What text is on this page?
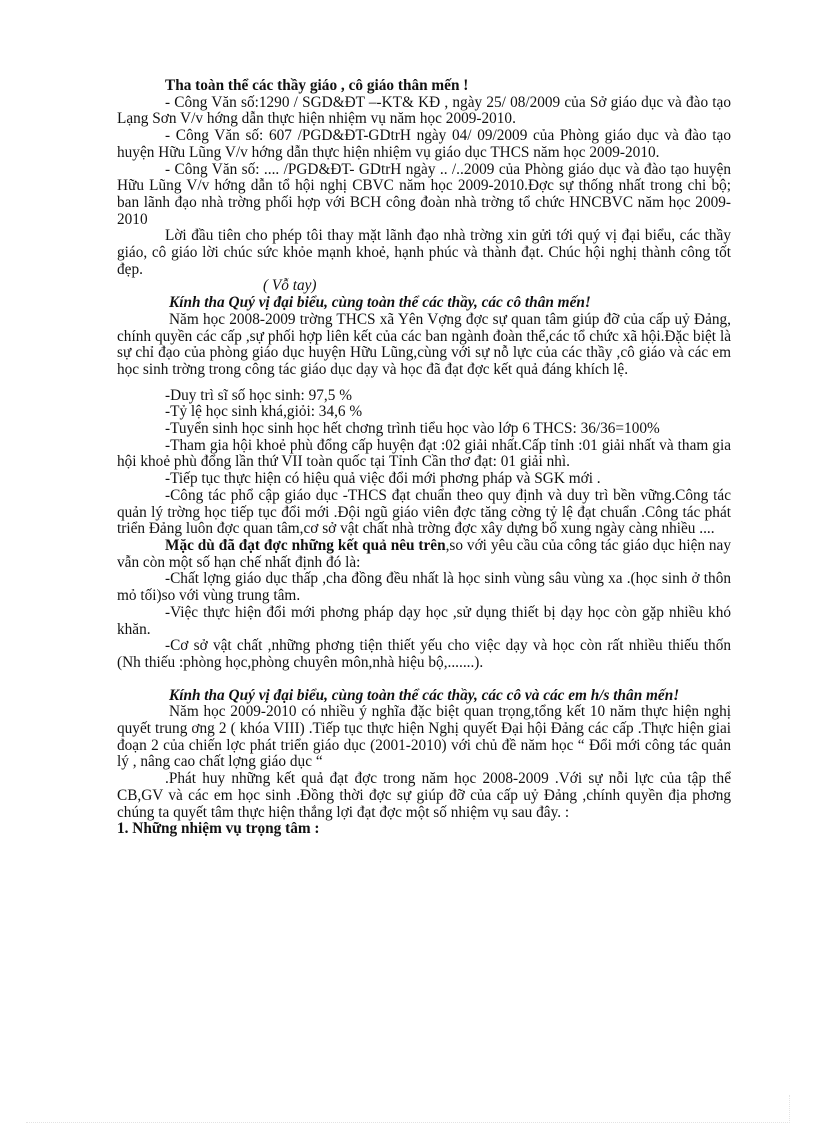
Tha toàn thể các thầy giáo , cô giáo thân mến !

- Công Văn số:1290 / SGD&ĐT –-KT& KĐ , ngày 25/ 08/2009 của Sở giáo dục và đào tạo Lạng Sơn V/v hớng dẫn thực hiện nhiệm vụ năm học 2009-2010.

- Công Văn số: 607 /PGD&ĐT-GDtrH ngày 04/ 09/2009 của Phòng giáo dục và đào tạo huyện Hữu Lũng V/v hớng dẫn thực hiện nhiệm vụ giáo dục THCS năm học 2009-2010.

- Công Văn số: .... /PGD&ĐT- GDtrH ngày .. /..2009 của Phòng giáo dục và đào tạo huyện Hữu Lũng V/v hớng dẫn tổ hội nghị CBVC năm học 2009-2010.Đợc sự thống nhất trong chi bộ; ban lãnh đạo nhà trờng phối hợp với BCH công đoàn nhà trờng tổ chức HNCBVC năm học 2009-2010

Lời đầu tiên cho phép tôi thay mặt lãnh đạo nhà trờng xin gửi tới quý vị đại biểu, các thầy giáo, cô giáo lời chúc sức khỏe mạnh khoẻ, hạnh phúc và thành đạt. Chúc hội nghị thành công tốt đẹp.

( Vỗ tay)

Kính tha Quý vị đại biểu, cùng toàn thể các thầy, các cô thân mến!

Năm học 2008-2009 trờng THCS xã Yên Vợng đợc sự quan tâm giúp đỡ của cấp uỷ Đảng, chính quyền các cấp ,sự phối hợp liên kết của các ban ngành đoàn thể,các tổ chức xã hội.Đặc biệt là sự chỉ đạo của phòng giáo dục huyện Hữu Lũng,cùng với sự nỗ lực của các thầy ,cô giáo và các em học sinh trờng trong công tác giáo dục dạy và học đã đạt đợc kết quả đáng khích lệ.

-Duy trì sĩ số học sinh: 97,5 %

-Tỷ lệ học sinh khá,giỏi: 34,6 %

-Tuyển sinh học sinh học hết chơng trình tiểu học vào lớp 6 THCS: 36/36=100%

-Tham gia hội khoẻ phù đổng cấp huyện đạt :02 giải nhất.Cấp tỉnh :01 giải nhất và tham gia hội khoẻ phù đổng lần thứ VII toàn quốc tại Tỉnh Cần thơ đạt: 01 giải nhì.

-Tiếp tục thực hiện có hiệu quả việc đổi mới phơng pháp và SGK mới .

-Công tác phổ cập giáo dục -THCS đạt chuẩn theo quy định và duy trì bền vững.Công tác quản lý trờng học tiếp tục đổi mới .Đội ngũ giáo viên đợc tăng cờng tỷ lệ đạt chuẩn .Công tác phát triển Đảng luôn đợc quan tâm,cơ sở vật chất nhà trờng đợc xây dựng bổ xung ngày càng nhiều ....

Mặc dù đã đạt đợc những kết quả nêu trên,so với yêu cầu của công tác giáo dục hiện nay vẫn còn một số hạn chế nhất định đó là:

-Chất lợng giáo dục thấp ,cha đồng đều nhất là học sinh vùng sâu vùng xa .(học sinh ở thôn mỏ tối)so với vùng trung tâm.

-Việc thực hiện đổi mới phơng pháp dạy học ,sử dụng thiết bị dạy học còn gặp nhiều khó khăn.

-Cơ sở vật chất ,những phơng tiện thiết yếu cho việc dạy và học còn rất nhiều thiếu thốn (Nh thiếu :phòng học,phòng chuyên môn,nhà hiệu bộ,.......).

Kính tha Quý vị đại biểu, cùng toàn thể các thầy, các cô và các em h/s thân mến!

Năm học 2009-2010 có nhiều ý nghĩa đặc biệt quan trọng,tổng kết 10 năm thực hiện nghị quyết trung ơng 2 ( khóa VIII) .Tiếp tục thực hiện Nghị quyết Đại hội Đảng các cấp .Thực hiện giai đoạn 2 của chiến lợc phát triển giáo dục (2001-2010) với chủ đề năm học “ Đổi mới công tác quản lý , nâng cao chất lợng giáo dục “

.Phát huy những kết quả đạt đợc trong năm học 2008-2009 .Với sự nỗi lực của tập thể CB,GV và các em học sinh .Đồng thời đợc sự giúp đỡ của cấp uỷ Đảng ,chính quyền địa phơng chúng ta quyết tâm thực hiện thắng lợi đạt đợc một số nhiệm vụ sau đây. :

1. Những nhiệm vụ trọng tâm :
